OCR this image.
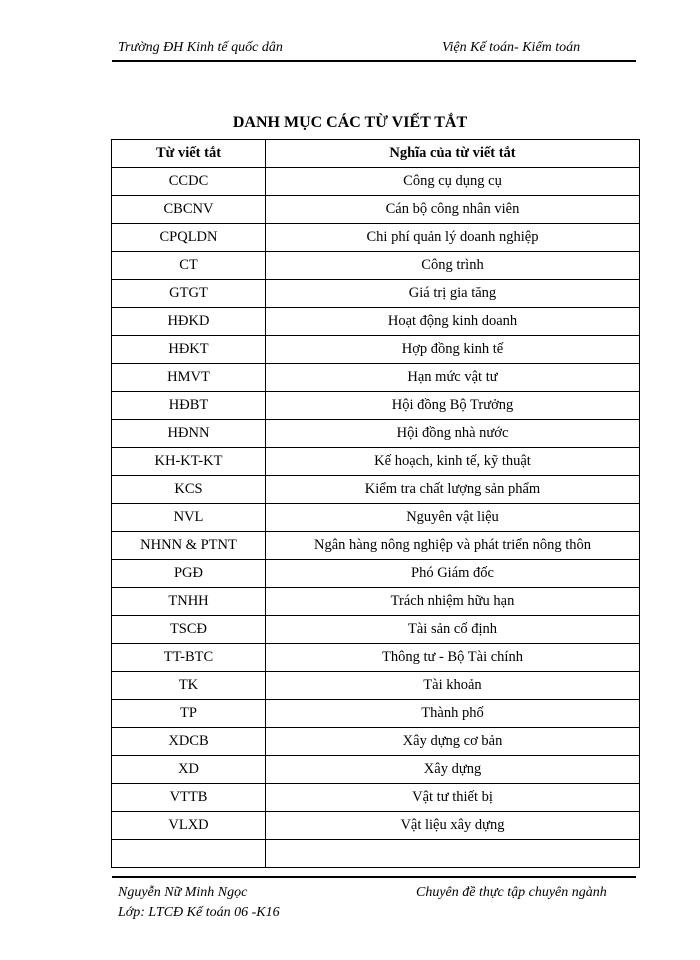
Trường ĐH Kinh tế quốc dân	Viện Kế toán- Kiểm toán
DANH MỤC CÁC TỪ VIẾT TẮT
Từ viết tắt	Nghĩa của từ viết tắt
CCDC	Công cụ dụng cụ
CBCNV	Cán bộ công nhân viên
CPQLDN	Chi phí quản lý doanh nghiệp
CT	Công trình
GTGT	Giá trị gia tăng
HĐKD	Hoạt động kinh doanh
HĐKT	Hợp đồng kinh tế
HMVT	Hạn mức vật tư
HĐBT	Hội đồng Bộ Trưởng
HĐNN	Hội đồng nhà nước
KH-KT-KT	Kế hoạch, kinh tế, kỹ thuật
KCS	Kiểm tra chất lượng sản phẩm
NVL	Nguyên vật liệu
NHNN & PTNT	Ngân hàng nông nghiệp và phát triển nông thôn
PGĐ	Phó Giám đốc
TNHH	Trách nhiệm hữu hạn
TSCĐ	Tài sản cố định
TT-BTC	Thông tư - Bộ Tài chính
TK	Tài khoản
TP	Thành phố
XDCB	Xây dựng cơ bản
XD	Xây dựng
VTTB	Vật tư thiết bị
VLXD	Vật liệu xây dựng

Nguyễn Nữ Minh Ngọc	Chuyên đề thực tập chuyên ngành
Lớp: LTCĐ Kế toán 06 -K16
